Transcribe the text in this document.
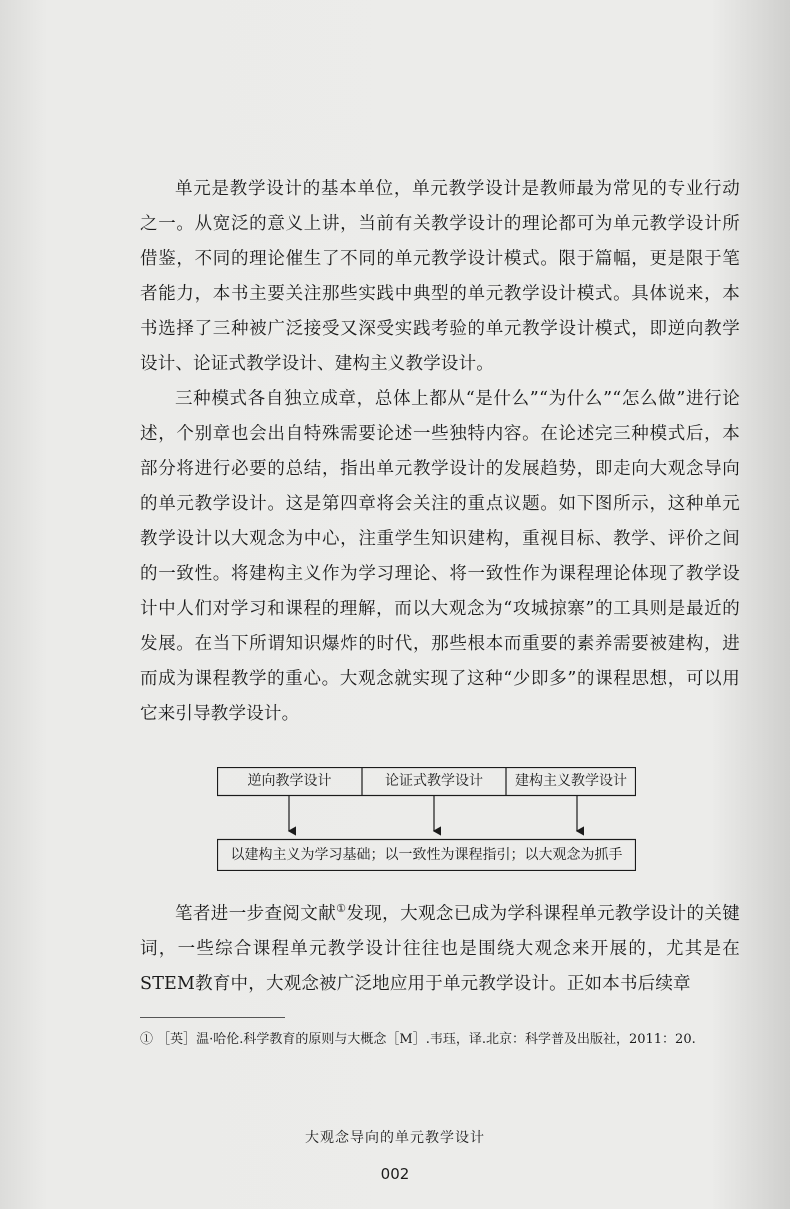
单元是教学设计的基本单位，单元教学设计是教师最为常见的专业行动之一。从宽泛的意义上讲，当前有关教学设计的理论都可为单元教学设计所借鉴，不同的理论催生了不同的单元教学设计模式。限于篇幅，更是限于笔者能力，本书主要关注那些实践中典型的单元教学设计模式。具体说来，本书选择了三种被广泛接受又深受实践考验的单元教学设计模式，即逆向教学设计、论证式教学设计、建构主义教学设计。

三种模式各自独立成章，总体上都从“是什么”“为什么”“怎么做”进行论述，个别章也会出自特殊需要论述一些独特内容。在论述完三种模式后，本部分将进行必要的总结，指出单元教学设计的发展趋势，即走向大观念导向的单元教学设计。这是第四章将会关注的重点议题。如下图所示，这种单元教学设计以大观念为中心，注重学生知识建构，重视目标、教学、评价之间的一致性。将建构主义作为学习理论、将一致性作为课程理论体现了教学设计中人们对学习和课程的理解，而以大观念为“攻城掠寨”的工具则是最近的发展。在当下所谓知识爆炸的时代，那些根本而重要的素养需要被建构，进而成为课程教学的重心。大观念就实现了这种“少即多”的课程思想，可以用它来引导教学设计。

逆向教学设计	论证式教学设计	建构主义教学设计
以建构主义为学习基础；以一致性为课程指引；以大观念为抓手

笔者进一步查阅文献①发现，大观念已成为学科课程单元教学设计的关键词，一些综合课程单元教学设计往往也是围绕大观念来开展的，尤其是在STEM教育中，大观念被广泛地应用于单元教学设计。正如本书后续章

① ［英］温·哈伦.科学教育的原则与大概念［M］.韦珏，译.北京：科学普及出版社，2011：20.
大观念导向的单元教学设计
002
